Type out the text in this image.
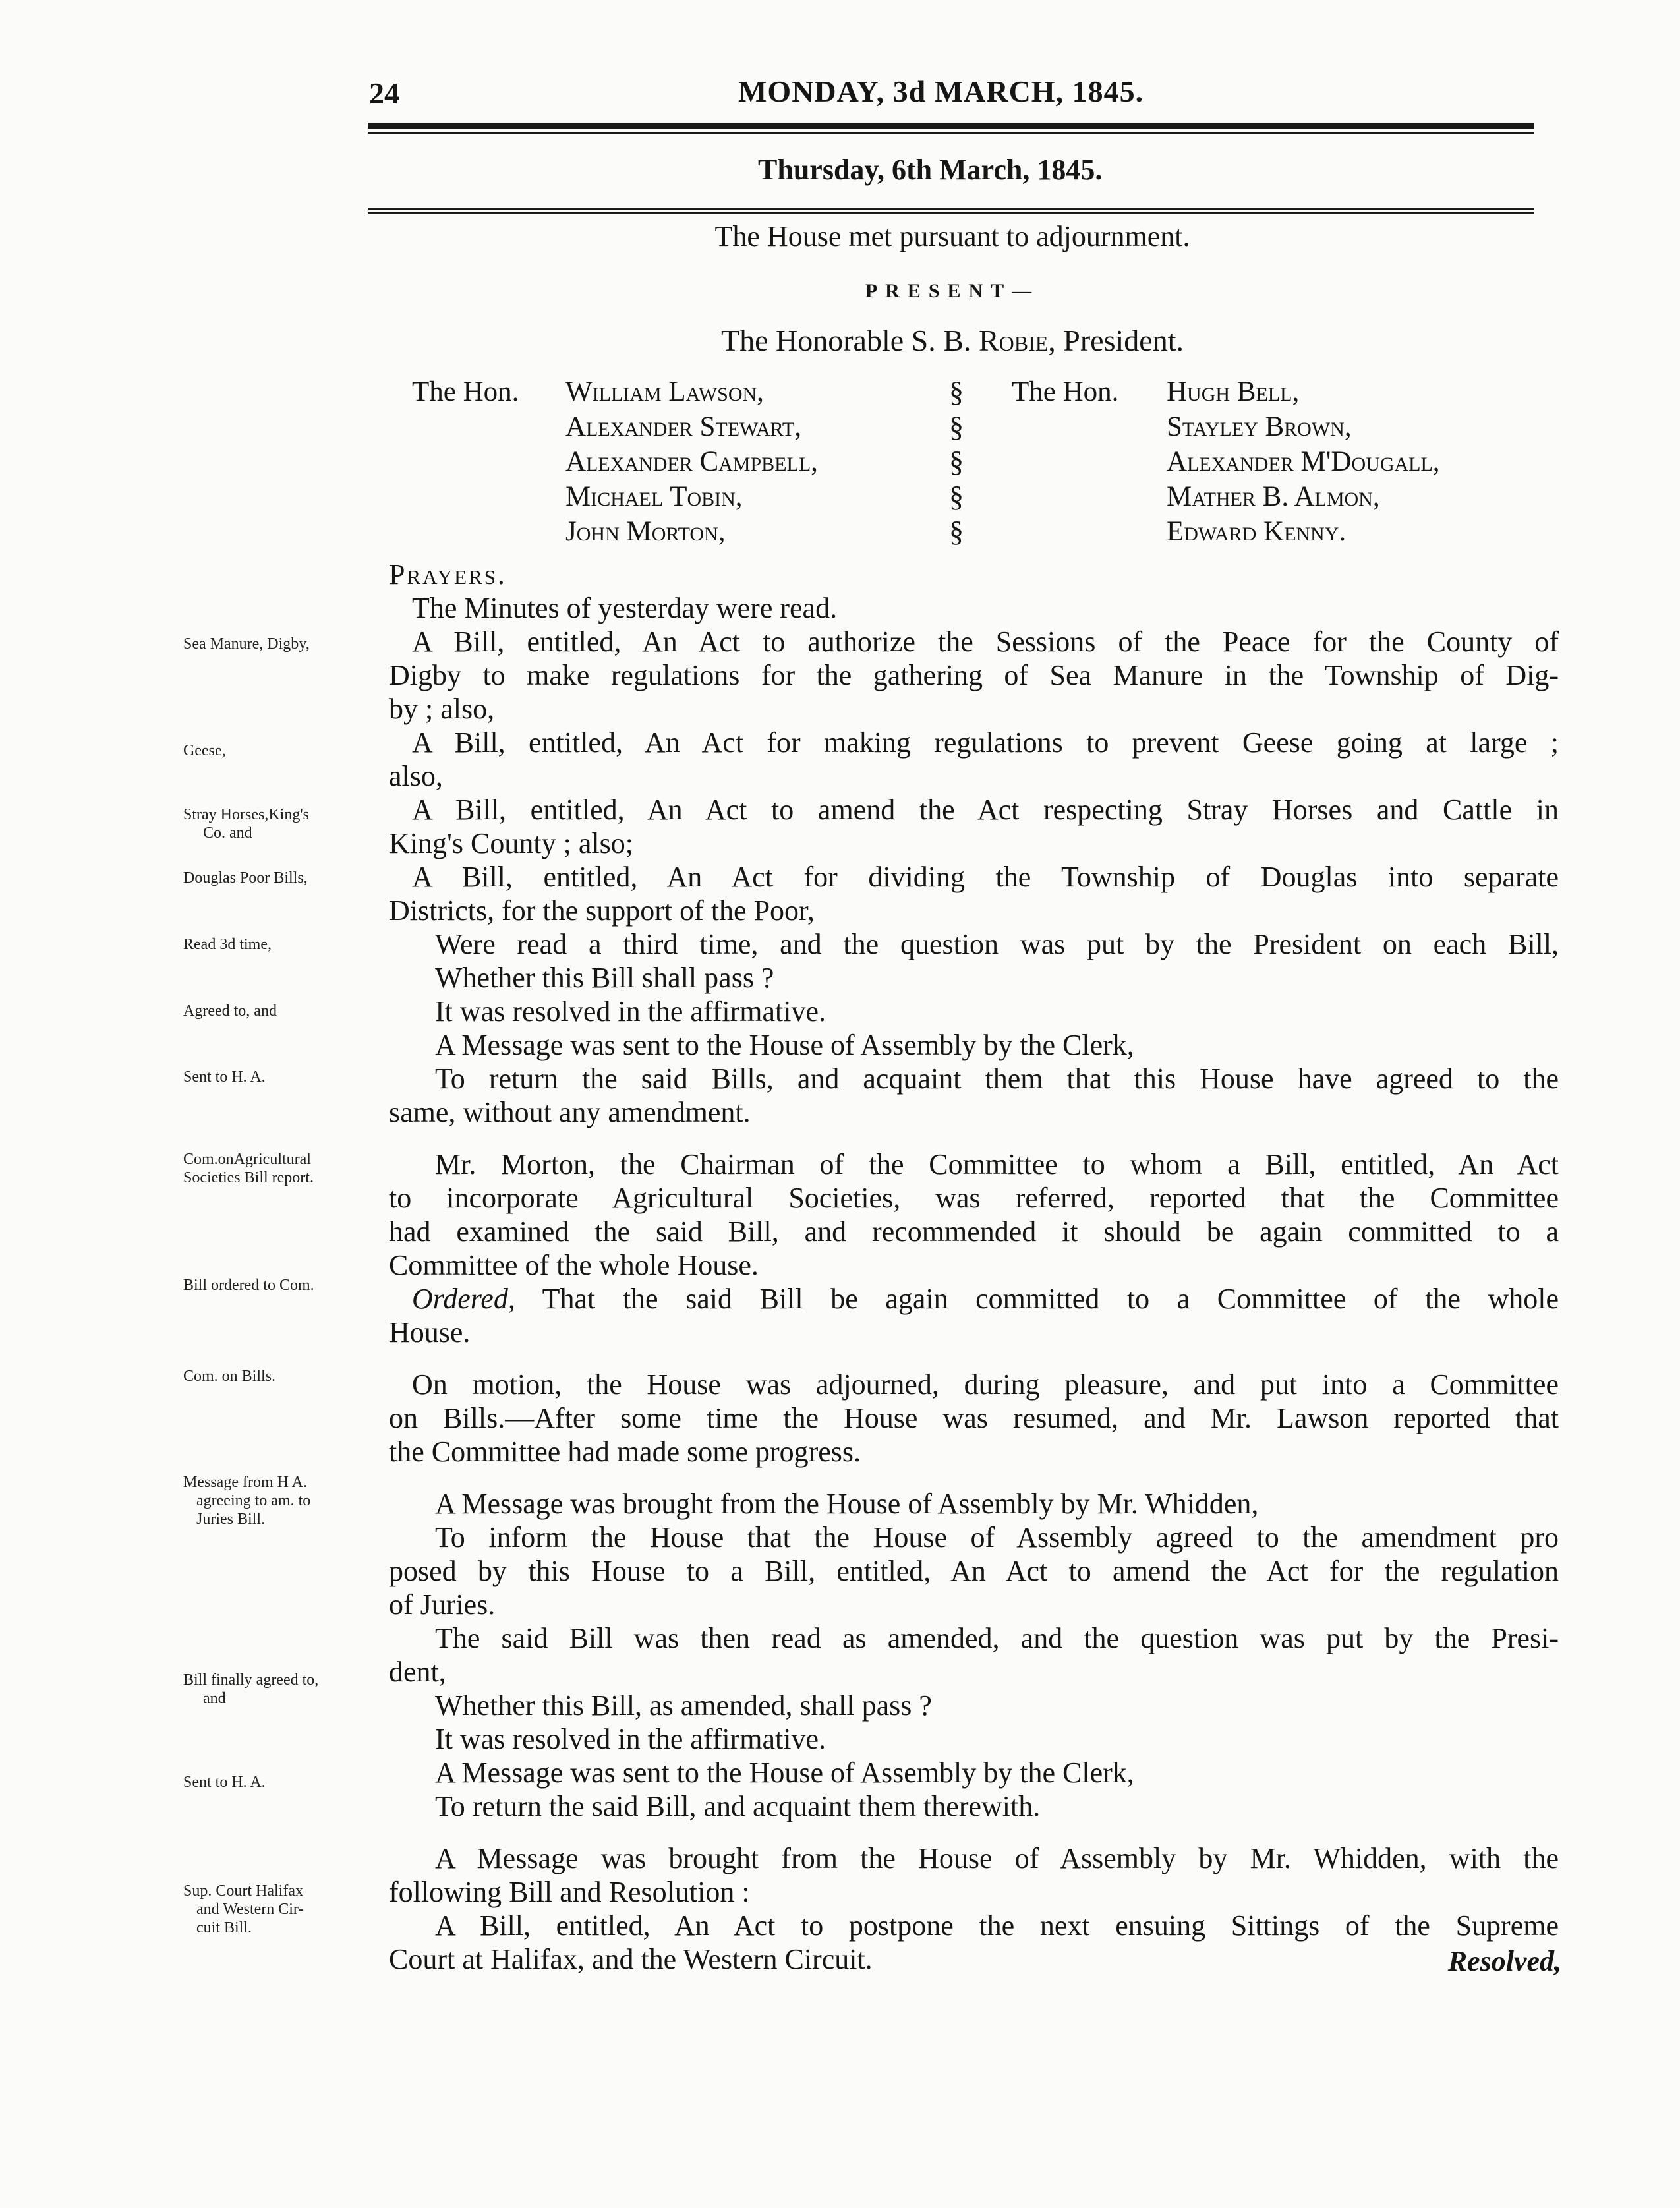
24	MONDAY, 3d MARCH, 1845.
Thursday, 6th March, 1845.
The House met pursuant to adjournment.
PRESENT—
The Honorable S. B. Robie, President.
The Hon. William Lawson,
Alexander Stewart,
Alexander Campbell,
Michael Tobin,
John Morton,
§
§
§
§
§
The Hon. Hugh Bell,
Stayley Brown,
Alexander M'Dougall,
Mather B. Almon,
Edward Kenny.
Prayers.
The Minutes of yesterday were read.
A Bill, entitled, An Act to authorize the Sessions of the Peace for the County of
Digby to make regulations for the gathering of Sea Manure in the Township of Dig-
by ; also,
A Bill, entitled, An Act for making regulations to prevent Geese going at large ;
also,
A Bill, entitled, An Act to amend the Act respecting Stray Horses and Cattle in
King's County ; also;
A Bill, entitled, An Act for dividing the Township of Douglas into separate
Districts, for the support of the Poor,
Were read a third time, and the question was put by the President on each Bill,
Whether this Bill shall pass ?
It was resolved in the affirmative.
A Message was sent to the House of Assembly by the Clerk,
To return the said Bills, and acquaint them that this House have agreed to the
same, without any amendment.
Mr. Morton, the Chairman of the Committee to whom a Bill, entitled, An Act
to incorporate Agricultural Societies, was referred, reported that the Committee
had examined the said Bill, and recommended it should be again committed to a
Committee of the whole House.
Ordered, That the said Bill be again committed to a Committee of the whole
House.
On motion, the House was adjourned, during pleasure, and put into a Committee
on Bills.—After some time the House was resumed, and Mr. Lawson reported that
the Committee had made some progress.
A Message was brought from the House of Assembly by Mr. Whidden,
To inform the House that the House of Assembly agreed to the amendment pro
posed by this House to a Bill, entitled, An Act to amend the Act for the regulation
of Juries.
The said Bill was then read as amended, and the question was put by the Presi-
dent,
Whether this Bill, as amended, shall pass ?
It was resolved in the affirmative.
A Message was sent to the House of Assembly by the Clerk,
To return the said Bill, and acquaint them therewith.
A Message was brought from the House of Assembly by Mr. Whidden, with the
following Bill and Resolution :
A Bill, entitled, An Act to postpone the next ensuing Sittings of the Supreme
Court at Halifax, and the Western Circuit.	Resolved,
Sea Manure, Digby,
Geese,
Stray Horses,King's
Co. and
Douglas Poor Bills,
Read 3d time,
Agreed to, and
Sent to H. A.
Com.onAgricultural
Societies Bill report.
Bill ordered to Com.
Com. on Bills.
Message from H A.
agreeing to am. to
Juries Bill.
Bill finally agreed to,
and
Sent to H. A.
Sup. Court Halifax
and Western Cir-
cuit Bill.
